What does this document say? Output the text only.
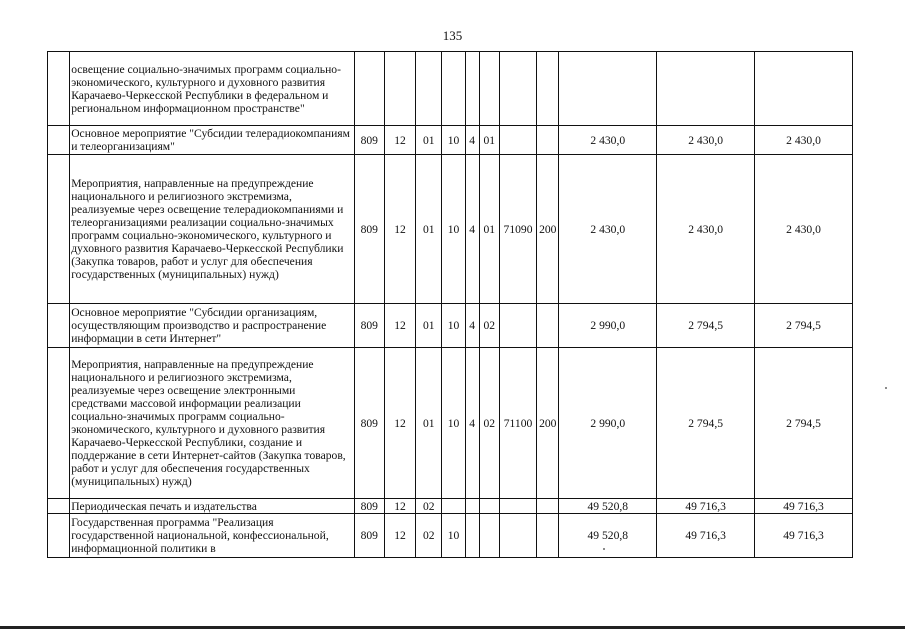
135
	освещение социально-значимых программ социально-экономического, культурного и духовного развития Карачаево-Черкесской Республики в федеральном и региональном информационном пространстве"											
	Основное мероприятие "Субсидии телерадиокомпаниям и телеорганизациям"	809	12	01	10	4	01			2 430,0	2 430,0	2 430,0
	Мероприятия, направленные на предупреждение национального и религиозного экстремизма, реализуемые через освещение телерадиокомпаниями и телеорганизациями реализации социально-значимых программ социально-экономического, культурного и духовного развития Карачаево-Черкесской Республики (Закупка товаров, работ и услуг для обеспечения государственных (муниципальных) нужд)	809	12	01	10	4	01	71090	200	2 430,0	2 430,0	2 430,0
	Основное мероприятие "Субсидии организациям, осуществляющим производство и распространение информации в сети Интернет"	809	12	01	10	4	02			2 990,0	2 794,5	2 794,5
	Мероприятия, направленные на предупреждение национального и религиозного экстремизма, реализуемые через освещение электронными средствами массовой информации реализации социально-значимых программ социально-экономического, культурного и духовного развития Карачаево-Черкесской Республики, создание и поддержание в сети Интернет-сайтов (Закупка товаров, работ и услуг для обеспечения государственных (муниципальных) нужд)	809	12	01	10	4	02	71100	200	2 990,0	2 794,5	2 794,5
	Периодическая печать и издательства	809	12	02						49 520,8	49 716,3	49 716,3
	Государственная программа "Реализация государственной национальной, конфессиональной, информационной политики в	809	12	02	10					49 520,8	49 716,3	49 716,3
